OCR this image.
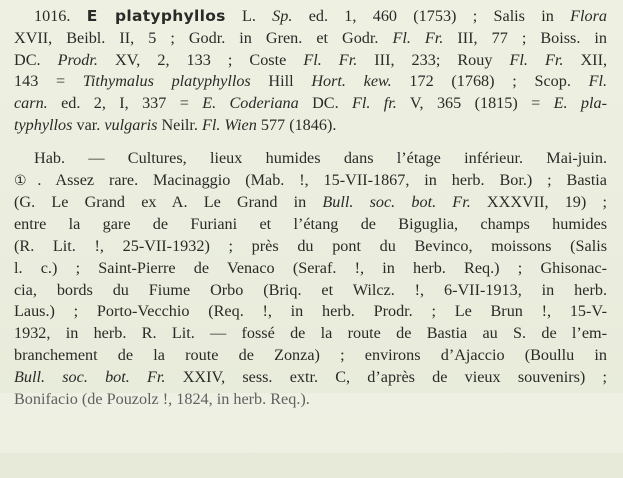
1016. E platyphyllos L. Sp. ed. 1, 460 (1753) ; Salis in Flora
XVII, Beibl. II, 5 ; Godr. in Gren. et Godr. Fl. Fr. III, 77 ; Boiss. in
DC. Prodr. XV, 2, 133 ; Coste Fl. Fr. III, 233; Rouy Fl. Fr. XII,
143 = Tithymalus platyphyllos Hill Hort. kew. 172 (1768) ; Scop. Fl.
carn. ed. 2, I, 337 = E. Coderiana DC. Fl. fr. V, 365 (1815) = E. pla-
typhyllos var. vulgaris Neilr. Fl. Wien 577 (1846).
Hab. — Cultures, lieux humides dans l’étage inférieur. Mai-juin.
①. Assez rare. Macinaggio (Mab. !, 15-VII-1867, in herb. Bor.) ; Bastia
(G. Le Grand ex A. Le Grand in Bull. soc. bot. Fr. XXXVII, 19) ;
entre la gare de Furiani et l’étang de Biguglia, champs humides
(R. Lit. !, 25-VII-1932) ; près du pont du Bevinco, moissons (Salis
l. c.) ; Saint-Pierre de Venaco (Seraf. !, in herb. Req.) ; Ghisonac-
cia, bords du Fiume Orbo (Briq. et Wilcz. !, 6-VII-1913, in herb.
Laus.) ; Porto-Vecchio (Req. !, in herb. Prodr. ; Le Brun !, 15-V-
1932, in herb. R. Lit. — fossé de la route de Bastia au S. de l’em-
branchement de la route de Zonza) ; environs d’Ajaccio (Boullu in
Bull. soc. bot. Fr. XXIV, sess. extr. C, d’après de vieux souvenirs) ;
Bonifacio (de Pouzolz !, 1824, in herb. Req.).
